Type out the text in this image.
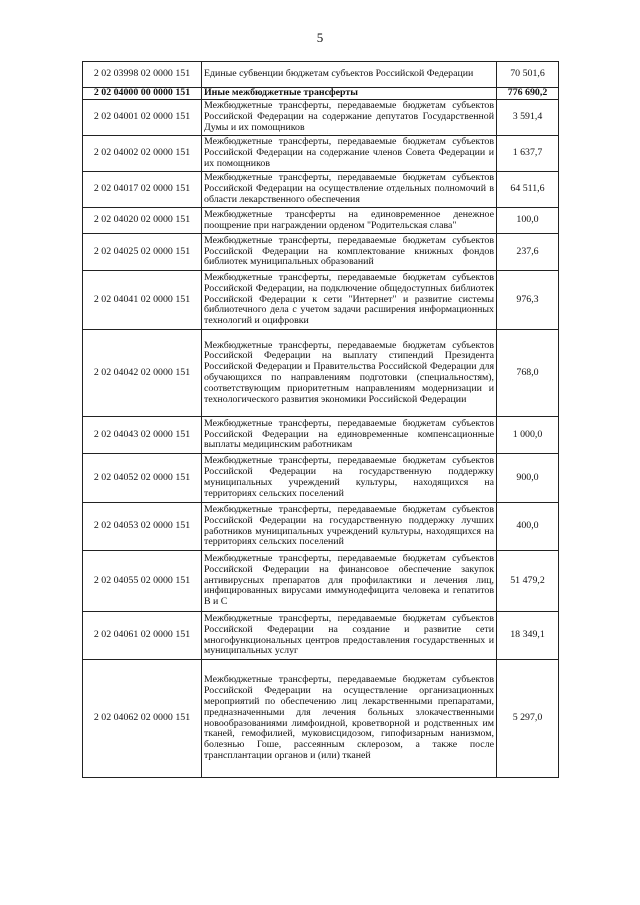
5
2 02 03998 02 0000 151	Единые субвенции бюджетам субъектов Российской Федерации	70 501,6
2 02 04000 00 0000 151	Иные межбюджетные трансферты	776 690,2
2 02 04001 02 0000 151	Межбюджетные трансферты, передаваемые бюджетам субъектов Российской Федерации на содержание депутатов Государственной Думы и их помощников	3 591,4
2 02 04002 02 0000 151	Межбюджетные трансферты, передаваемые бюджетам субъектов Российской Федерации на содержание членов Совета Федерации и их помощников	1 637,7
2 02 04017 02 0000 151	Межбюджетные трансферты, передаваемые бюджетам субъектов Российской Федерации на осуществление отдельных полномочий в области лекарственного обеспечения	64 511,6
2 02 04020 02 0000 151	Межбюджетные трансферты на единовременное денежное поощрение при награждении орденом "Родительская слава"	100,0
2 02 04025 02 0000 151	Межбюджетные трансферты, передаваемые бюджетам субъектов Российской Федерации на комплектование книжных фондов библиотек муниципальных образований	237,6
2 02 04041 02 0000 151	Межбюджетные трансферты, передаваемые бюджетам субъектов Российской Федерации, на подключение общедоступных библиотек Российской Федерации к сети "Интернет" и развитие системы библиотечного дела с учетом задачи расширения информационных технологий и оцифровки	976,3
2 02 04042 02 0000 151	Межбюджетные трансферты, передаваемые бюджетам субъектов Российской Федерации на выплату стипендий Президента Российской Федерации и Правительства Российской Федерации для обучающихся по направлениям подготовки (специальностям), соответствующим приоритетным направлениям модернизации и технологического развития экономики Российской Федерации	768,0
2 02 04043 02 0000 151	Межбюджетные трансферты, передаваемые бюджетам субъектов Российской Федерации на единовременные компенсационные выплаты медицинским работникам	1 000,0
2 02 04052 02 0000 151	Межбюджетные трансферты, передаваемые бюджетам субъектов Российской Федерации на государственную поддержку муниципальных учреждений культуры, находящихся на территориях сельских поселений	900,0
2 02 04053 02 0000 151	Межбюджетные трансферты, передаваемые бюджетам субъектов Российской Федерации на государственную поддержку лучших работников муниципальных учреждений культуры, находящихся на территориях сельских поселений	400,0
2 02 04055 02 0000 151	Межбюджетные трансферты, передаваемые бюджетам субъектов Российской Федерации на финансовое обеспечение закупок антивирусных препаратов для профилактики и лечения лиц, инфицированных вирусами иммунодефицита человека и гепатитов В и С	51 479,2
2 02 04061 02 0000 151	Межбюджетные трансферты, передаваемые бюджетам субъектов Российской Федерации на создание и развитие сети многофункциональных центров предоставления государственных и муниципальных услуг	18 349,1
2 02 04062 02 0000 151	Межбюджетные трансферты, передаваемые бюджетам субъектов Российской Федерации на осуществление организационных мероприятий по обеспечению лиц лекарственными препаратами, предназначенными для лечения больных злокачественными новообразованиями лимфоидной, кроветворной и родственных им тканей, гемофилией, муковисцидозом, гипофизарным нанизмом, болезнью Гоше, рассеянным склерозом, а также после трансплантации органов и (или) тканей	5 297,0
